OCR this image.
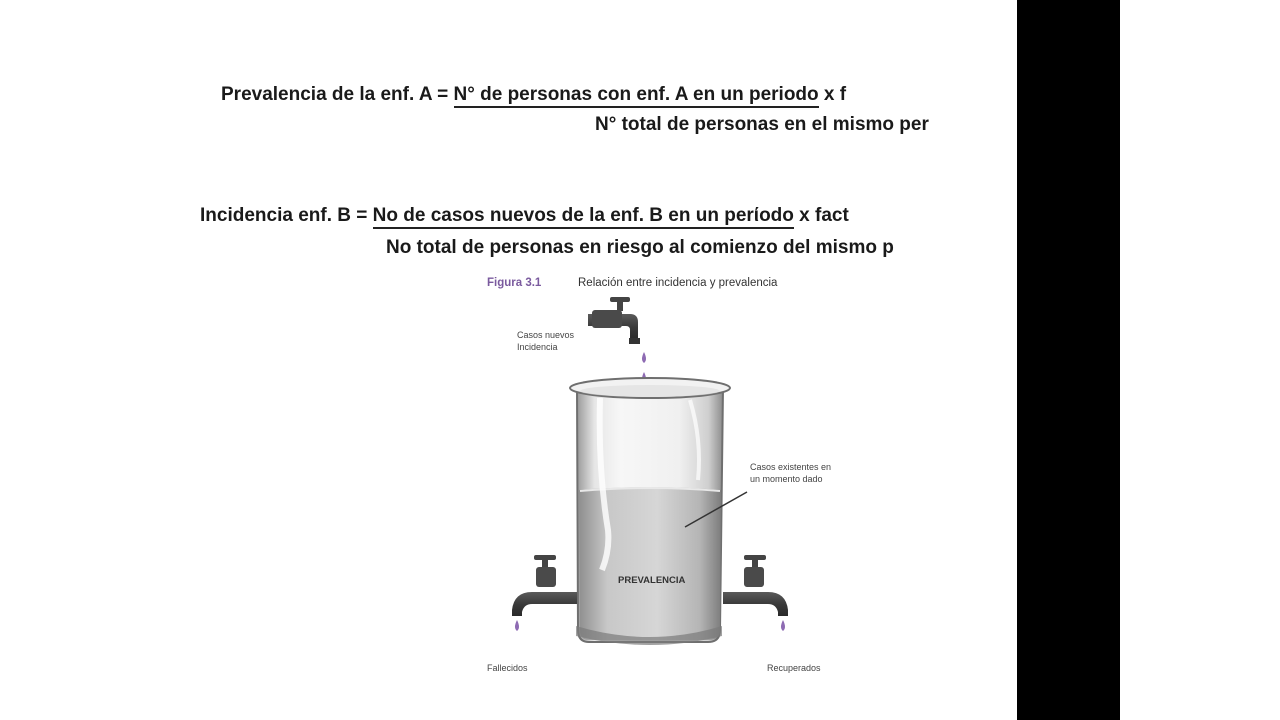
Prevalencia de la enf. A = N° de personas con enf. A en un periodo x f
N° total de personas en el mismo per
Incidencia enf. B = No de casos nuevos de la enf. B en un perίodo x fact
No total de personas en riesgo al comienzo del mismo p
Figura 3.1	Relación entre incidencia y prevalencia
Casos nuevos
Incidencia
Casos existentes en
un momento dado
PREVALENCIA
Fallecidos	Recuperados
